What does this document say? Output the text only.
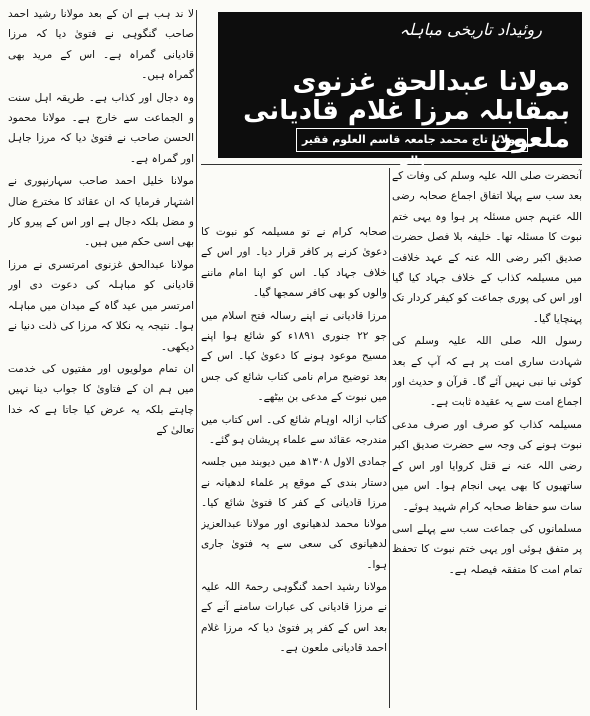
روئیداد تاریخی مباہلہ
مولانا عبدالحق غزنوی بمقابلہ مرزا غلام قادیانی ملعون
مولانا تاج محمد جامعہ قاسم العلوم فقیر والی

آنحضرت صلی اللہ علیہ وسلم کی وفات کے بعد سب سے پہلا اتفاق اجماع صحابہ رضی اللہ عنہم جس مسئلہ پر ہوا وہ یہی ختم نبوت کا مسئلہ تھا۔ خلیفہ بلا فصل حضرت صدیق اکبر رضی اللہ عنہ کے عہد خلافت میں مسیلمہ کذاب کے خلاف جہاد کیا گیا اور اس کی پوری جماعت کو کیفر کردار تک پہنچایا گیا۔

رسول اللہ صلی اللہ علیہ وسلم کی شہادت ساری امت پر ہے کہ آپ کے بعد کوئی نیا نبی نہیں آئے گا۔ قرآن و حدیث اور اجماع امت سے یہ عقیدہ ثابت ہے۔

مسیلمہ کذاب کو صرف اور صرف مدعی نبوت ہونے کی وجہ سے حضرت صدیق اکبر رضی اللہ عنہ نے قتل کروایا اور اس کے ساتھیوں کا بھی یہی انجام ہوا۔ اس میں سات سو حفاظ صحابہ کرام شہید ہوئے۔

مسلمانوں کی جماعت سب سے پہلے اسی پر متفق ہوئی اور یہی ختم نبوت کا تحفظ تمام امت کا متفقہ فیصلہ ہے۔

صحابہ کرام نے تو مسیلمہ کو نبوت کا دعویٰ کرنے پر کافر قرار دیا۔ اور اس کے خلاف جہاد کیا۔ اس کو اپنا امام ماننے والوں کو بھی کافر سمجھا گیا۔

مرزا قادیانی نے اپنے رسالہ فتح اسلام میں جو ۲۲ جنوری ۱۸۹۱ء کو شائع ہوا اپنے مسیح موعود ہونے کا دعویٰ کیا۔ اس کے بعد توضیح مرام نامی کتاب شائع کی جس میں نبوت کے مدعی بن بیٹھے۔

کتاب ازالہ اوہام شائع کی۔ اس کتاب میں مندرجہ عقائد سے علماء پریشان ہو گئے۔

جمادی الاول ۱۳۰۸ھ میں دیوبند میں جلسہ دستار بندی کے موقع پر علماء لدھیانہ نے مرزا قادیانی کے کفر کا فتویٰ شائع کیا۔ مولانا محمد لدھیانوی اور مولانا عبدالعزیز لدھیانوی کی سعی سے یہ فتویٰ جاری ہوا۔

مولانا رشید احمد گنگوہی رحمۃ اللہ علیہ نے مرزا قادیانی کی عبارات سامنے آنے کے بعد اس کے کفر پر فتویٰ دیا کہ مرزا غلام احمد قادیانی ملعون ہے۔

لا ند ہب ہے ان کے بعد مولانا رشید احمد صاحب گنگوہی نے فتویٰ دیا کہ مرزا قادیانی گمراہ ہے۔ اس کے مرید بھی گمراہ ہیں۔

وہ دجال اور کذاب ہے۔ طریقہ اہل سنت و الجماعت سے خارج ہے۔ مولانا محمود الحسن صاحب نے فتویٰ دیا کہ مرزا جاہل اور گمراہ ہے۔

مولانا خلیل احمد صاحب سہارنپوری نے اشتہار فرمایا کہ ان عقائد کا مخترع ضال و مضل بلکہ دجال ہے اور اس کے پیرو کار بھی اسی حکم میں ہیں۔

مولانا عبدالحق غزنوی امرتسری نے مرزا قادیانی کو مباہلہ کی دعوت دی اور امرتسر میں عید گاہ کے میدان میں مباہلہ ہوا۔ نتیجہ یہ نکلا کہ مرزا کی ذلت دنیا نے دیکھی۔

ان تمام مولویوں اور مفتیوں کی خدمت میں ہم ان کے فتاویٰ کا جواب دینا نہیں چاہتے بلکہ یہ عرض کیا جاتا ہے کہ خدا تعالیٰ کے
